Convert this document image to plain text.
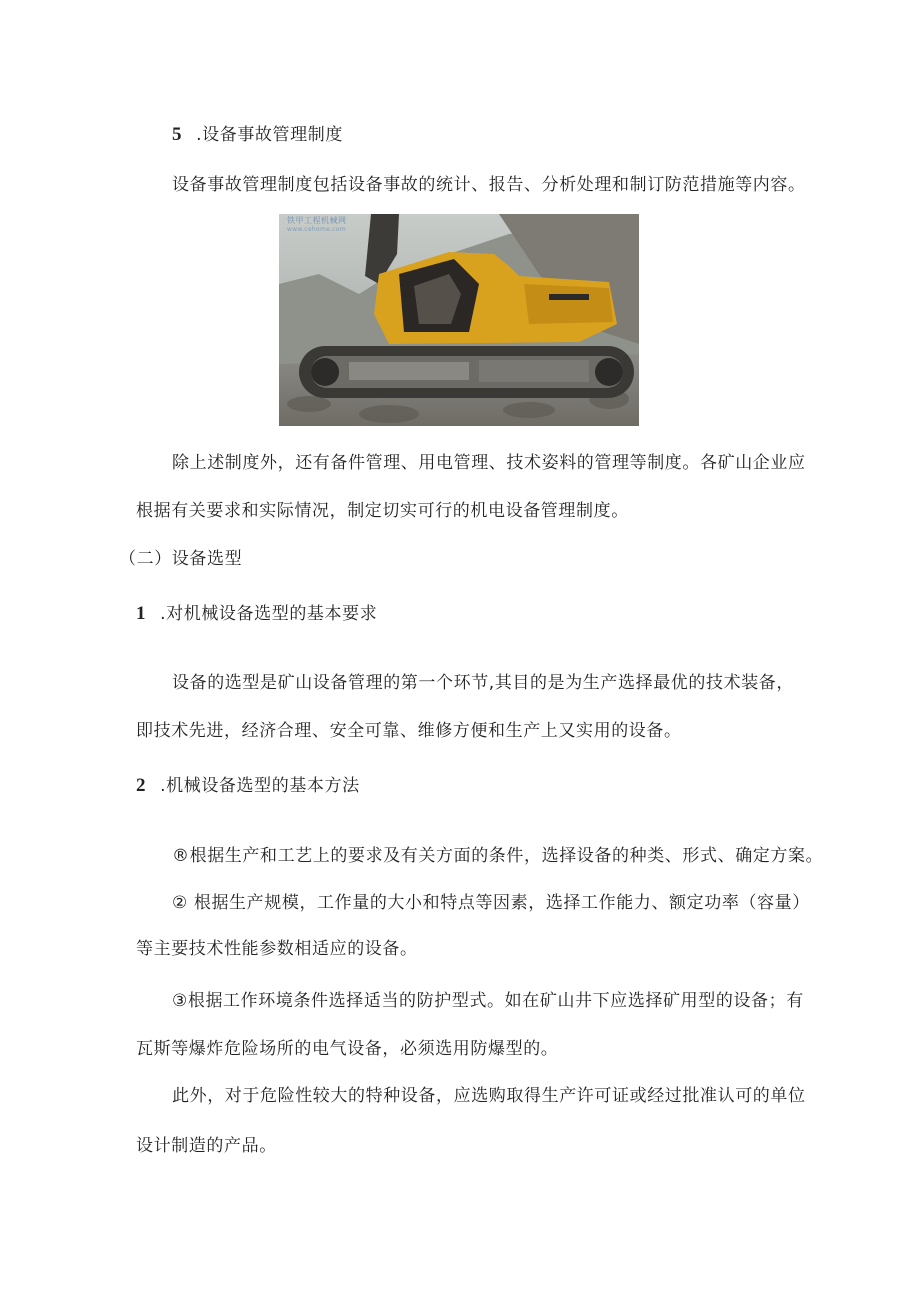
5 .设备事故管理制度
设备事故管理制度包括设备事故的统计、报告、分析处理和制订防范措施等内容。
铁甲工程机械网
www.cehome.com
除上述制度外，还有备件管理、用电管理、技术姿料的管理等制度。各矿山企业应
根据有关要求和实际情况，制定切实可行的机电设备管理制度。
（二）设备选型
1 .对机械设备选型的基本要求
设备的选型是矿山设备管理的第一个环节,其目的是为生产选择最优的技术装备，
即技术先进，经济合理、安全可靠、维修方便和生产上又实用的设备。
2 .机械设备选型的基本方法
®根据生产和工艺上的要求及有关方面的条件，选择设备的种类、形式、确定方案。
② 根据生产规模，工作量的大小和特点等因素，选择工作能力、额定功率（容量）
等主要技术性能参数相适应的设备。
③根据工作环境条件选择适当的防护型式。如在矿山井下应选择矿用型的设备；有
瓦斯等爆炸危险场所的电气设备，必须选用防爆型的。
此外，对于危险性较大的特种设备，应选购取得生产许可证或经过批准认可的单位
设计制造的产品。
